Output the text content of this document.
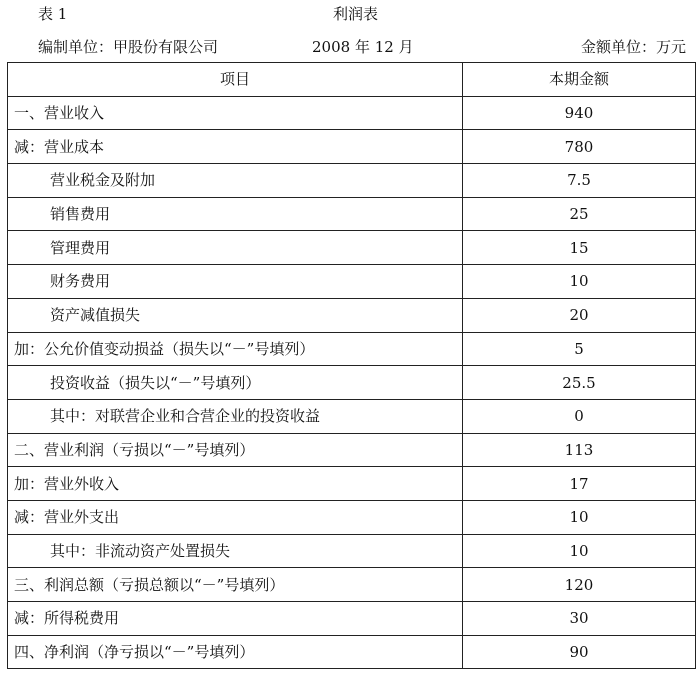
表 1	利润表
编制单位：甲股份有限公司	2008 年 12 月	金额单位：万元
项目	本期金额
一、营业收入	940
减：营业成本	780
营业税金及附加	7.5
销售费用	25
管理费用	15
财务费用	10
资产减值损失	20
加：公允价值变动损益（损失以“－”号填列）	5
投资收益（损失以“－”号填列）	25.5
其中：对联营企业和合营企业的投资收益	0
二、营业利润（亏损以“－”号填列）	113
加：营业外收入	17
减：营业外支出	10
其中：非流动资产处置损失	10
三、利润总额（亏损总额以“－”号填列）	120
减：所得税费用	30
四、净利润（净亏损以“－”号填列）	90
